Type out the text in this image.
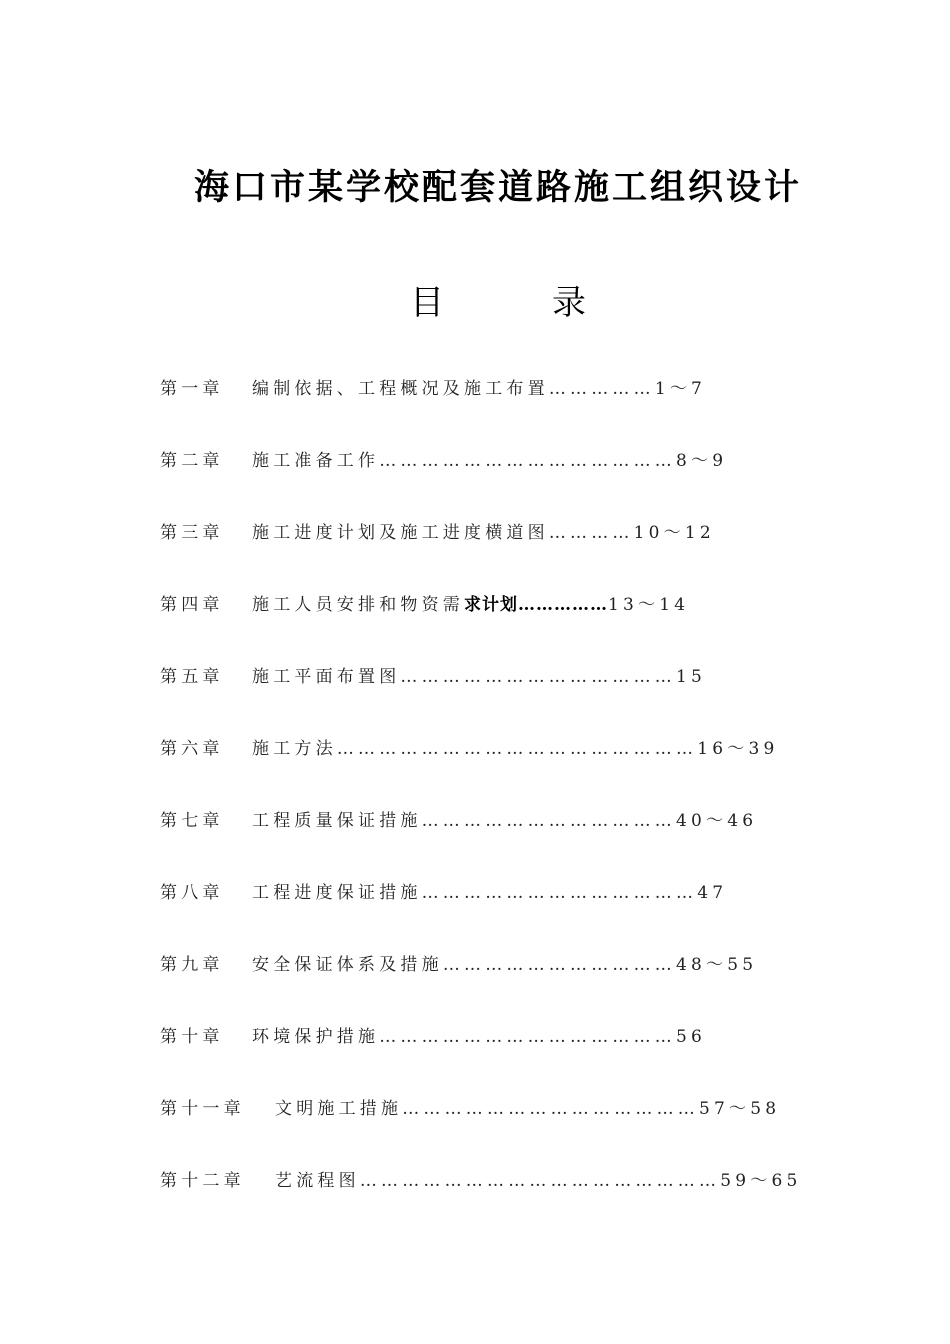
海口市某学校配套道路施工组织设计
目	录
第一章 编制依据、工程概况及施工布置……………1～7
第二章 施工准备工作……………………………………8～9
第三章 施工进度计划及施工进度横道图…………10～12
第四章 施工人员安排和物资需求计划……………13～14
第五章 施工平面布置图…………………………………15
第六章 施工方法……………………………………………16～39
第七章 工程质量保证措施………………………………40～46
第八章 工程进度保证措施…………………………………47
第九章 安全保证体系及措施……………………………48～55
第十章 环境保护措施……………………………………56
第十一章 文明施工措施……………………………………57～58
第十二章 艺流程图……………………………………………59～65
